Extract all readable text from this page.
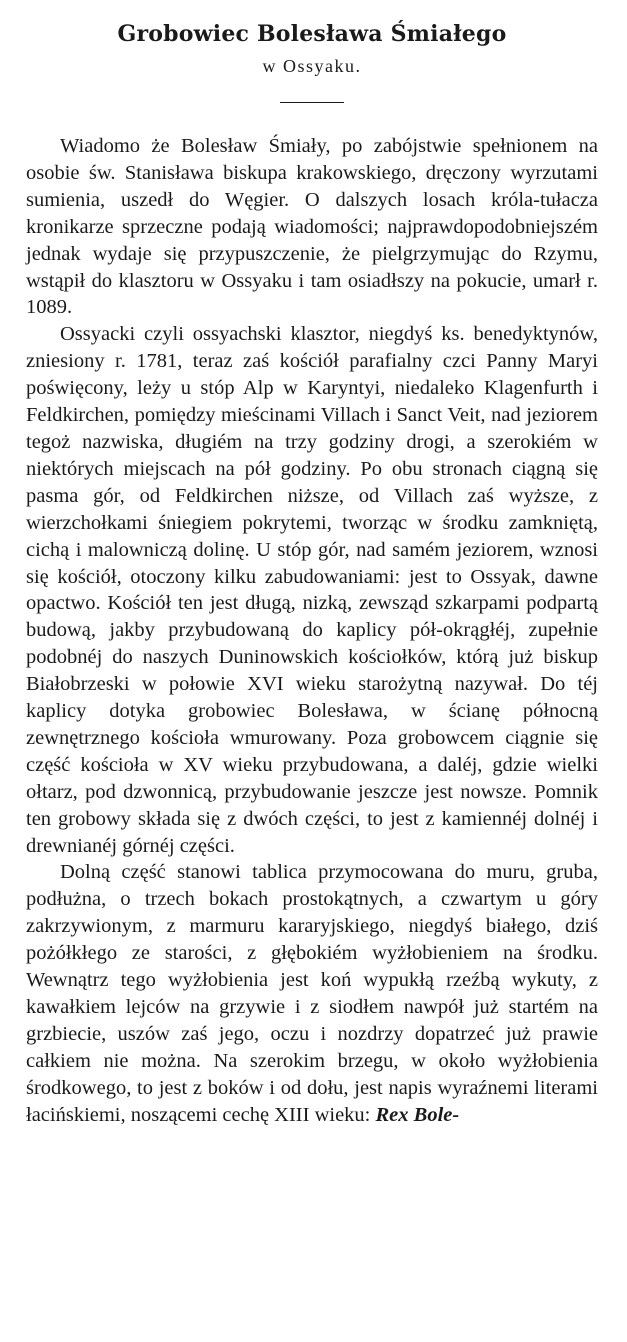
Grobowiec Bolesława Śmiałego
w Ossyaku.

Wiadomo że Bolesław Śmiały, po zabójstwie spełnionem na osobie św. Stanisława biskupa krakowskiego, dręczony wyrzutami sumienia, uszedł do Węgier. O dalszych losach króla-tułacza kronikarze sprzeczne podają wiadomości; najprawdopodobniejszém jednak wydaje się przypuszczenie, że pielgrzymując do Rzymu, wstąpił do klasztoru w Ossyaku i tam osiadłszy na pokucie, umarł r. 1089.

Ossyacki czyli ossyachski klasztor, niegdyś ks. benedyktynów, zniesiony r. 1781, teraz zaś kościół parafialny czci Panny Maryi poświęcony, leży u stóp Alp w Karyntyi, niedaleko Klagenfurth i Feldkirchen, pomiędzy mieścinami Villach i Sanct Veit, nad jeziorem tegoż nazwiska, długiém na trzy godziny drogi, a szerokiém w niektórych miejscach na pół godziny. Po obu stronach ciągną się pasma gór, od Feldkirchen niższe, od Villach zaś wyższe, z wierzchołkami śniegiem pokrytemi, tworząc w środku zamkniętą, cichą i malowniczą dolinę. U stóp gór, nad samém jeziorem, wznosi się kościół, otoczony kilku zabudowaniami: jest to Ossyak, dawne opactwo. Kościół ten jest długą, nizką, zewsząd szkarpami podpartą budową, jakby przybudowaną do kaplicy pół-okrągłéj, zupełnie podobnéj do naszych Duninowskich kościołków, którą już biskup Białobrzeski w połowie XVI wieku starożytną nazywał. Do téj kaplicy dotyka grobowiec Bolesława, w ścianę północną zewnętrznego kościoła wmurowany. Poza grobowcem ciągnie się część kościoła w XV wieku przybudowana, a daléj, gdzie wielki ołtarz, pod dzwonnicą, przybudowanie jeszcze jest nowsze. Pomnik ten grobowy składa się z dwóch części, to jest z kamiennéj dolnéj i drewnianéj górnéj części.

Dolną część stanowi tablica przymocowana do muru, gruba, podłużna, o trzech bokach prostokątnych, a czwartym u góry zakrzywionym, z marmuru kararyjskiego, niegdyś białego, dziś pożółkłego ze starości, z głębokiém wyżłobieniem na środku. Wewnątrz tego wyżłobienia jest koń wypukłą rzeźbą wykuty, z kawałkiem lejców na grzywie i z siodłem nawpół już startém na grzbiecie, uszów zaś jego, oczu i nozdrzy dopatrzeć już prawie całkiem nie można. Na szerokim brzegu, w około wyżłobienia środkowego, to jest z boków i od dołu, jest napis wyraźnemi literami łacińskiemi, noszącemi cechę XIII wieku: Rex Bole-
